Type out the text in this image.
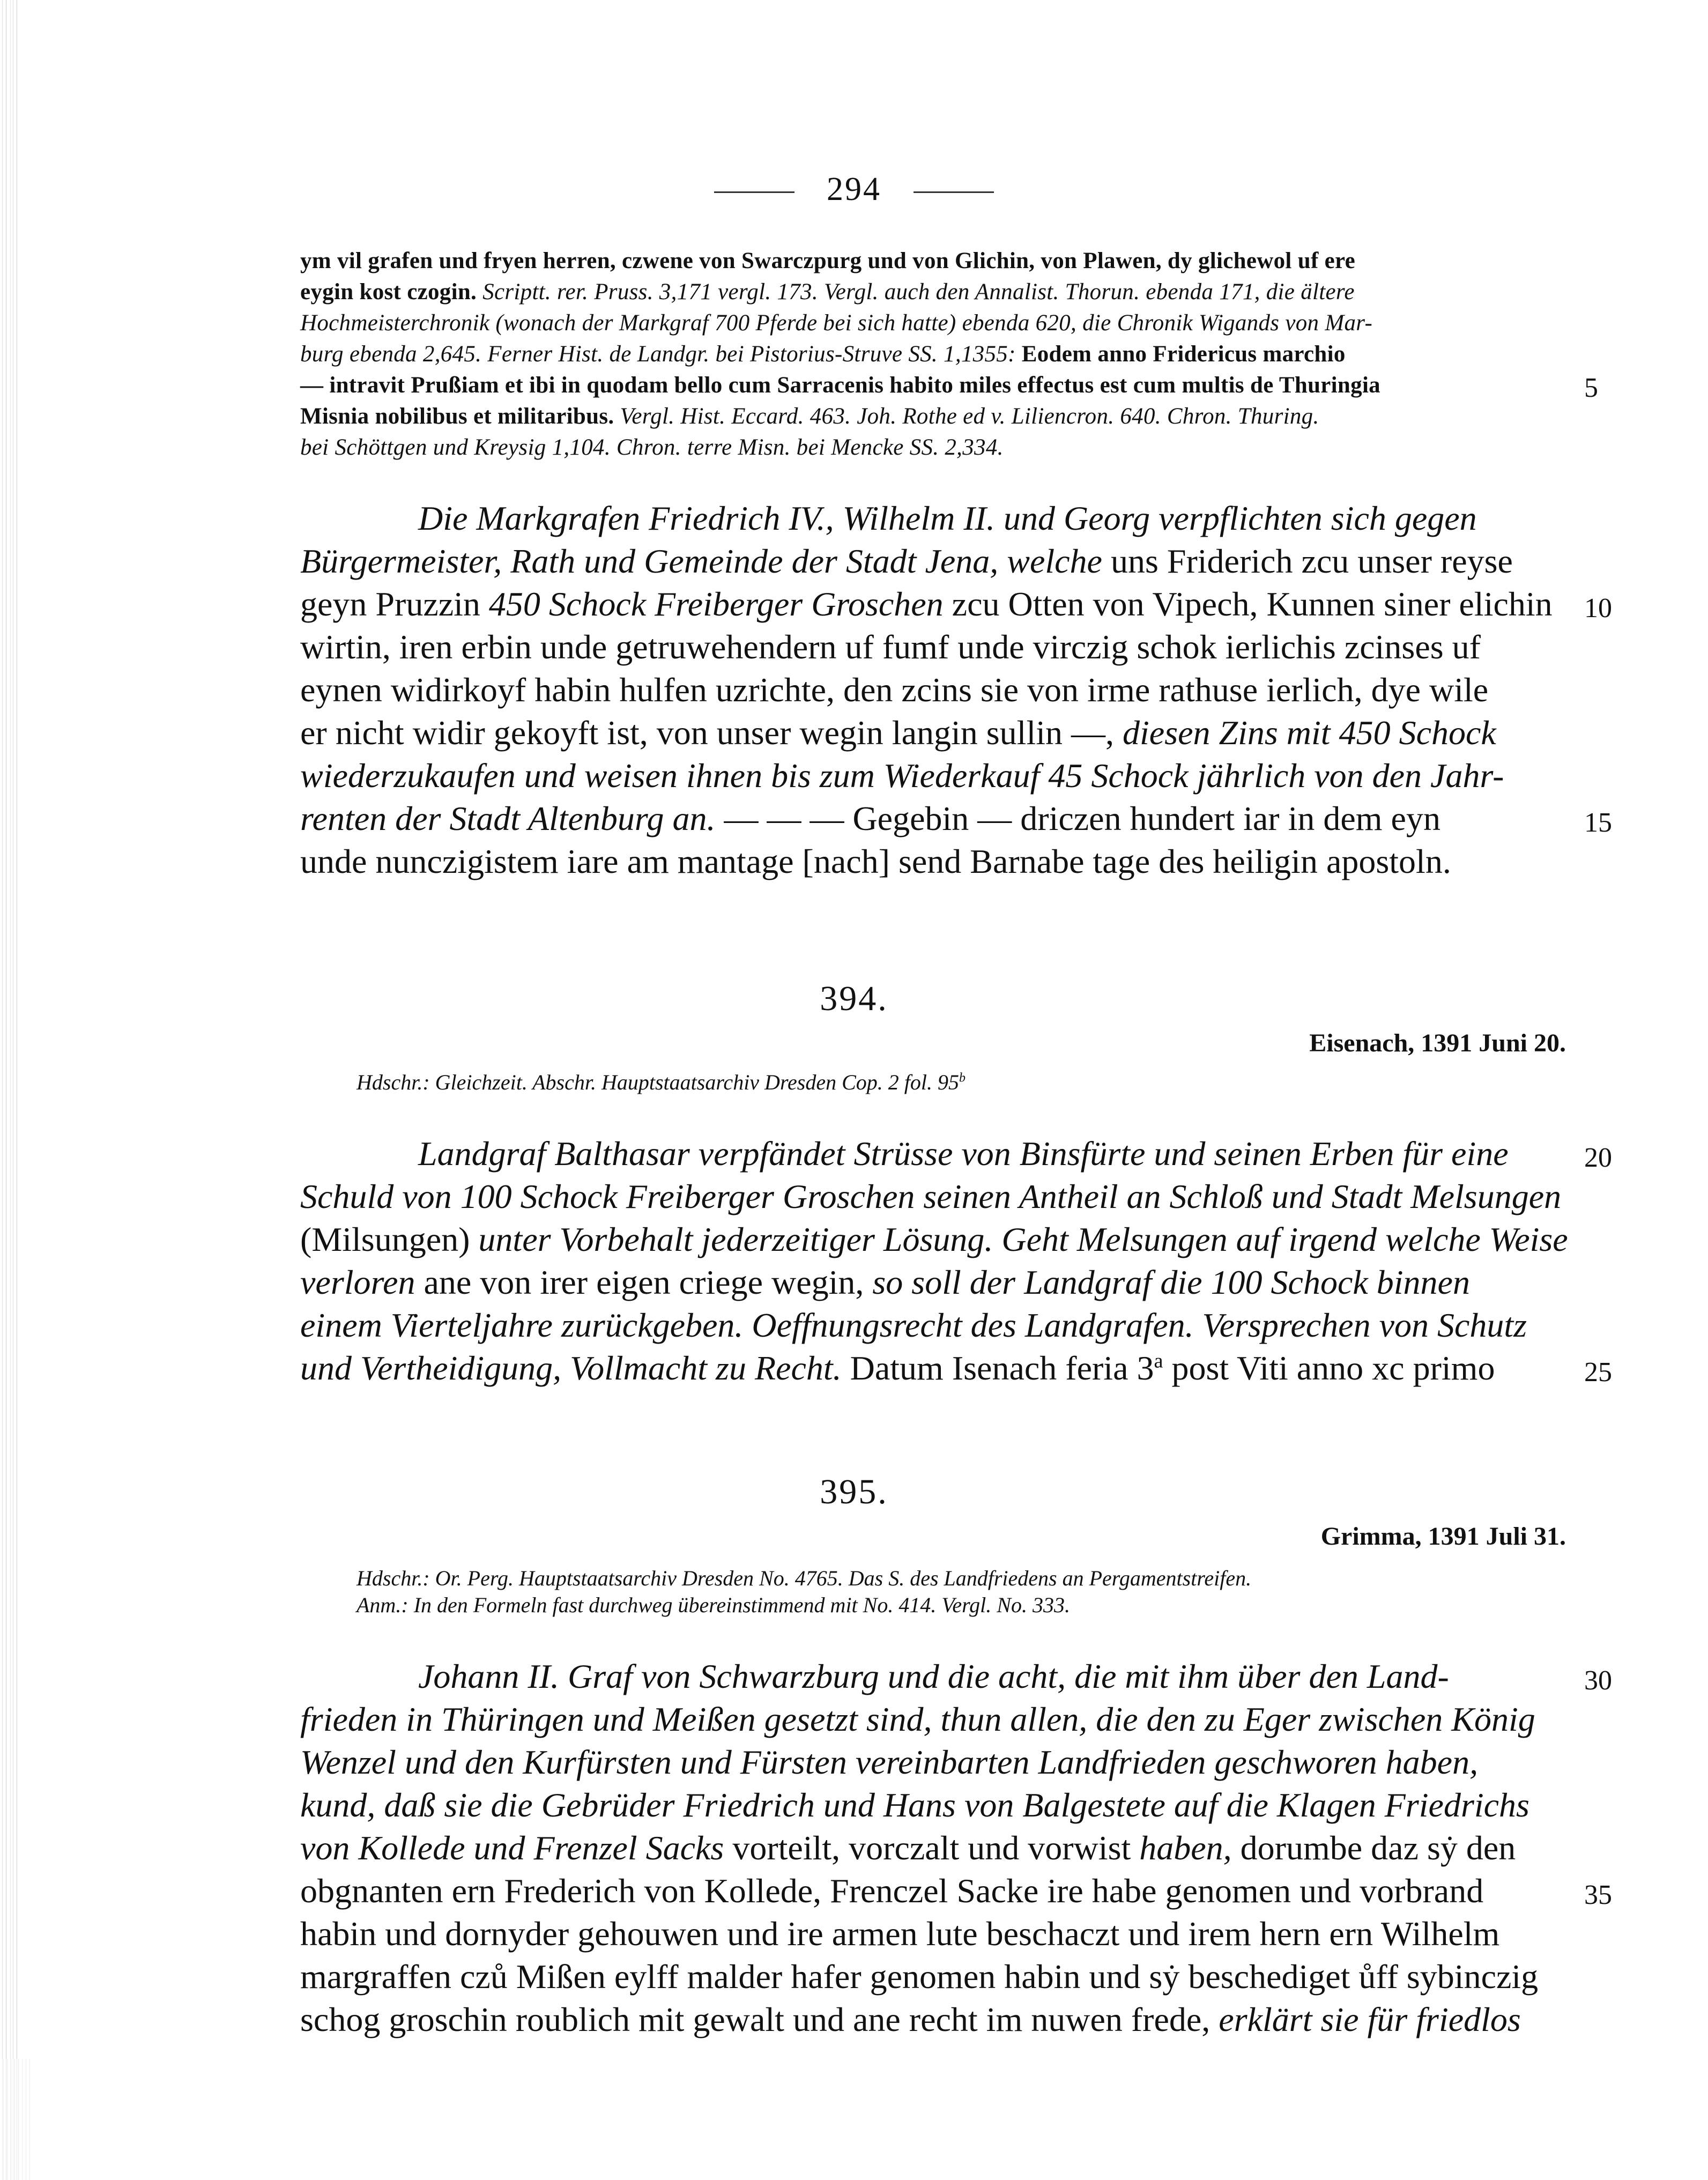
294
ym vil grafen und fryen herren, czwene von Swarczpurg und von Glichin, von Plawen, dy glichewol uf ere
eygin kost czogin. Scriptt. rer. Pruss. 3,171 vergl. 173. Vergl. auch den Annalist. Thorun. ebenda 171, die ältere
Hochmeisterchronik (wonach der Markgraf 700 Pferde bei sich hatte) ebenda 620, die Chronik Wigands von Mar-
burg ebenda 2,645. Ferner Hist. de Landgr. bei Pistorius-Struve SS. 1,1355: Eodem anno Fridericus marchio
— intravit Prußiam et ibi in quodam bello cum Sarracenis habito miles effectus est cum multis de Thuringia	5
Misnia nobilibus et militaribus. Vergl. Hist. Eccard. 463. Joh. Rothe ed v. Liliencron. 640. Chron. Thuring.
bei Schöttgen und Kreysig 1,104. Chron. terre Misn. bei Mencke SS. 2,334.
Die Markgrafen Friedrich IV., Wilhelm II. und Georg verpflichten sich gegen
Bürgermeister, Rath und Gemeinde der Stadt Jena, welche uns Friderich zcu unser reyse
geyn Pruzzin 450 Schock Freiberger Groschen zcu Otten von Vipech, Kunnen siner elichin	10
wirtin, iren erbin unde getruwehendern uf fumf unde virczig schok ierlichis zcinses uf
eynen widirkoyf habin hulfen uzrichte, den zcins sie von irme rathuse ierlich, dye wile
er nicht widir gekoyft ist, von unser wegin langin sullin —, diesen Zins mit 450 Schock
wiederzukaufen und weisen ihnen bis zum Wiederkauf 45 Schock jährlich von den Jahr-
renten der Stadt Altenburg an. — — — Gegebin — driczen hundert iar in dem eyn	15
unde nunczigistem iare am mantage [nach] send Barnabe tage des heiligin apostoln.
394.
Eisenach, 1391 Juni 20.
Hdschr.: Gleichzeit. Abschr. Hauptstaatsarchiv Dresden Cop. 2 fol. 95$^b$
Landgraf Balthasar verpfändet Strüsse von Binsfürte und seinen Erben für eine	20
Schuld von 100 Schock Freiberger Groschen seinen Antheil an Schloß und Stadt Melsungen
(Milsungen) unter Vorbehalt jederzeitiger Lösung. Geht Melsungen auf irgend welche Weise
verloren ane von irer eigen criege wegin, so soll der Landgraf die 100 Schock binnen
einem Vierteljahre zurückgeben. Oeffnungsrecht des Landgrafen. Versprechen von Schutz
und Vertheidigung, Vollmacht zu Recht. Datum Isenach feria 3$^a$ post Viti anno xc primo	25
395.
Grimma, 1391 Juli 31.
Hdschr.: Or. Perg. Hauptstaatsarchiv Dresden No. 4765. Das S. des Landfriedens an Pergamentstreifen.
Anm.: In den Formeln fast durchweg übereinstimmend mit No. 414. Vergl. No. 333.
Johann II. Graf von Schwarzburg und die acht, die mit ihm über den Land-	30
frieden in Thüringen und Meißen gesetzt sind, thun allen, die den zu Eger zwischen König
Wenzel und den Kurfürsten und Fürsten vereinbarten Landfrieden geschworen haben,
kund, daß sie die Gebrüder Friedrich und Hans von Balgestete auf die Klagen Friedrichs
von Kollede und Frenzel Sacks vorteilt, vorczalt und vorwist haben, dorumbe daz sẏ den
obgnanten ern Frederich von Kollede, Frenczel Sacke ire habe genomen und vorbrand	35
habin und dornyder gehouwen und ire armen lute beschaczt und irem hern ern Wilhelm
margraffen czů Mißen eylff malder hafer genomen habin und sẏ beschediget ůff sybinczig
schog groschin roublich mit gewalt und ane recht im nuwen frede, erklärt sie für friedlos
